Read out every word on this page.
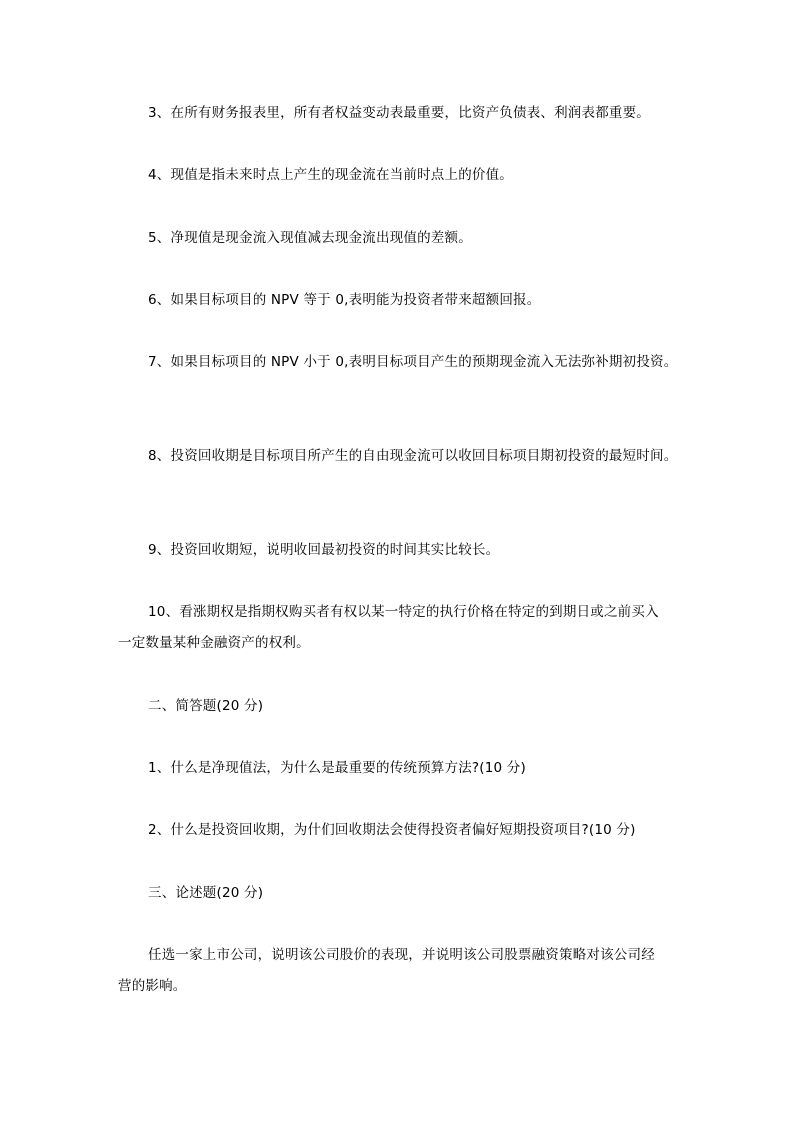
3、在所有财务报表里，所有者权益变动表最重要，比资产负债表、利润表都重要。
4、现值是指未来时点上产生的现金流在当前时点上的价值。
5、净现值是现金流入现值减去现金流出现值的差额。
6、如果目标项目的 NPV 等于 0,表明能为投资者带来超额回报。
7、如果目标项目的 NPV 小于 0,表明目标项目产生的预期现金流入无法弥补期初投资。
8、投资回收期是目标项目所产生的自由现金流可以收回目标项目期初投资的最短时间。
9、投资回收期短，说明收回最初投资的时间其实比较长。
10、看涨期权是指期权购买者有权以某一特定的执行价格在特定的到期日或之前买入
一定数量某种金融资产的权利。
二、简答题(20 分)
1、什么是净现值法，为什么是最重要的传统预算方法?(10 分)
2、什么是投资回收期，为什们回收期法会使得投资者偏好短期投资项目?(10 分)
三、论述题(20 分)
任选一家上市公司，说明该公司股价的表现，并说明该公司股票融资策略对该公司经
营的影响。
